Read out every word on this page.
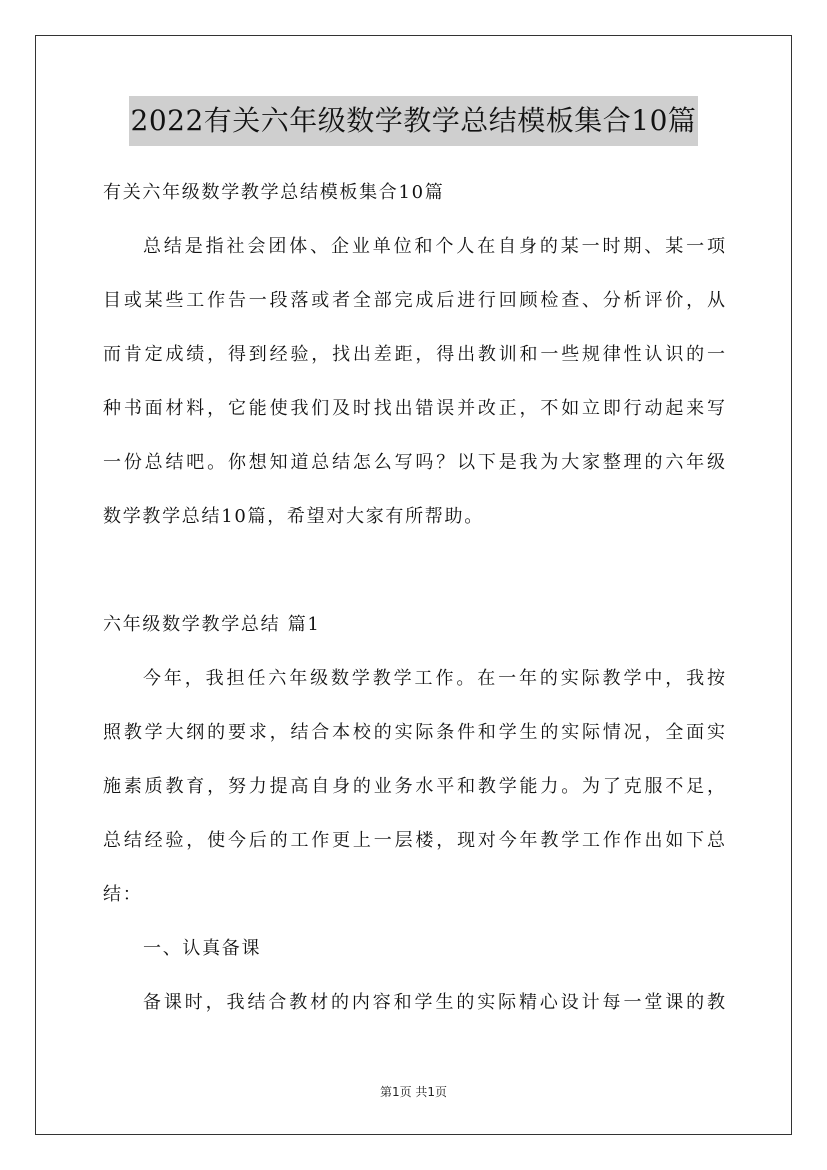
2022有关六年级数学教学总结模板集合10篇
有关六年级数学教学总结模板集合10篇
总结是指社会团体、企业单位和个人在自身的某一时期、某一项
目或某些工作告一段落或者全部完成后进行回顾检查、分析评价，从
而肯定成绩，得到经验，找出差距，得出教训和一些规律性认识的一
种书面材料，它能使我们及时找出错误并改正，不如立即行动起来写
一份总结吧。你想知道总结怎么写吗？以下是我为大家整理的六年级
数学教学总结10篇，希望对大家有所帮助。
六年级数学教学总结 篇1
今年，我担任六年级数学教学工作。在一年的实际教学中，我按
照教学大纲的要求，结合本校的实际条件和学生的实际情况，全面实
施素质教育，努力提高自身的业务水平和教学能力。为了克服不足，
总结经验，使今后的工作更上一层楼，现对今年教学工作作出如下总
结：
一、认真备课
备课时，我结合教材的内容和学生的实际精心设计每一堂课的教
第1页 共1页
